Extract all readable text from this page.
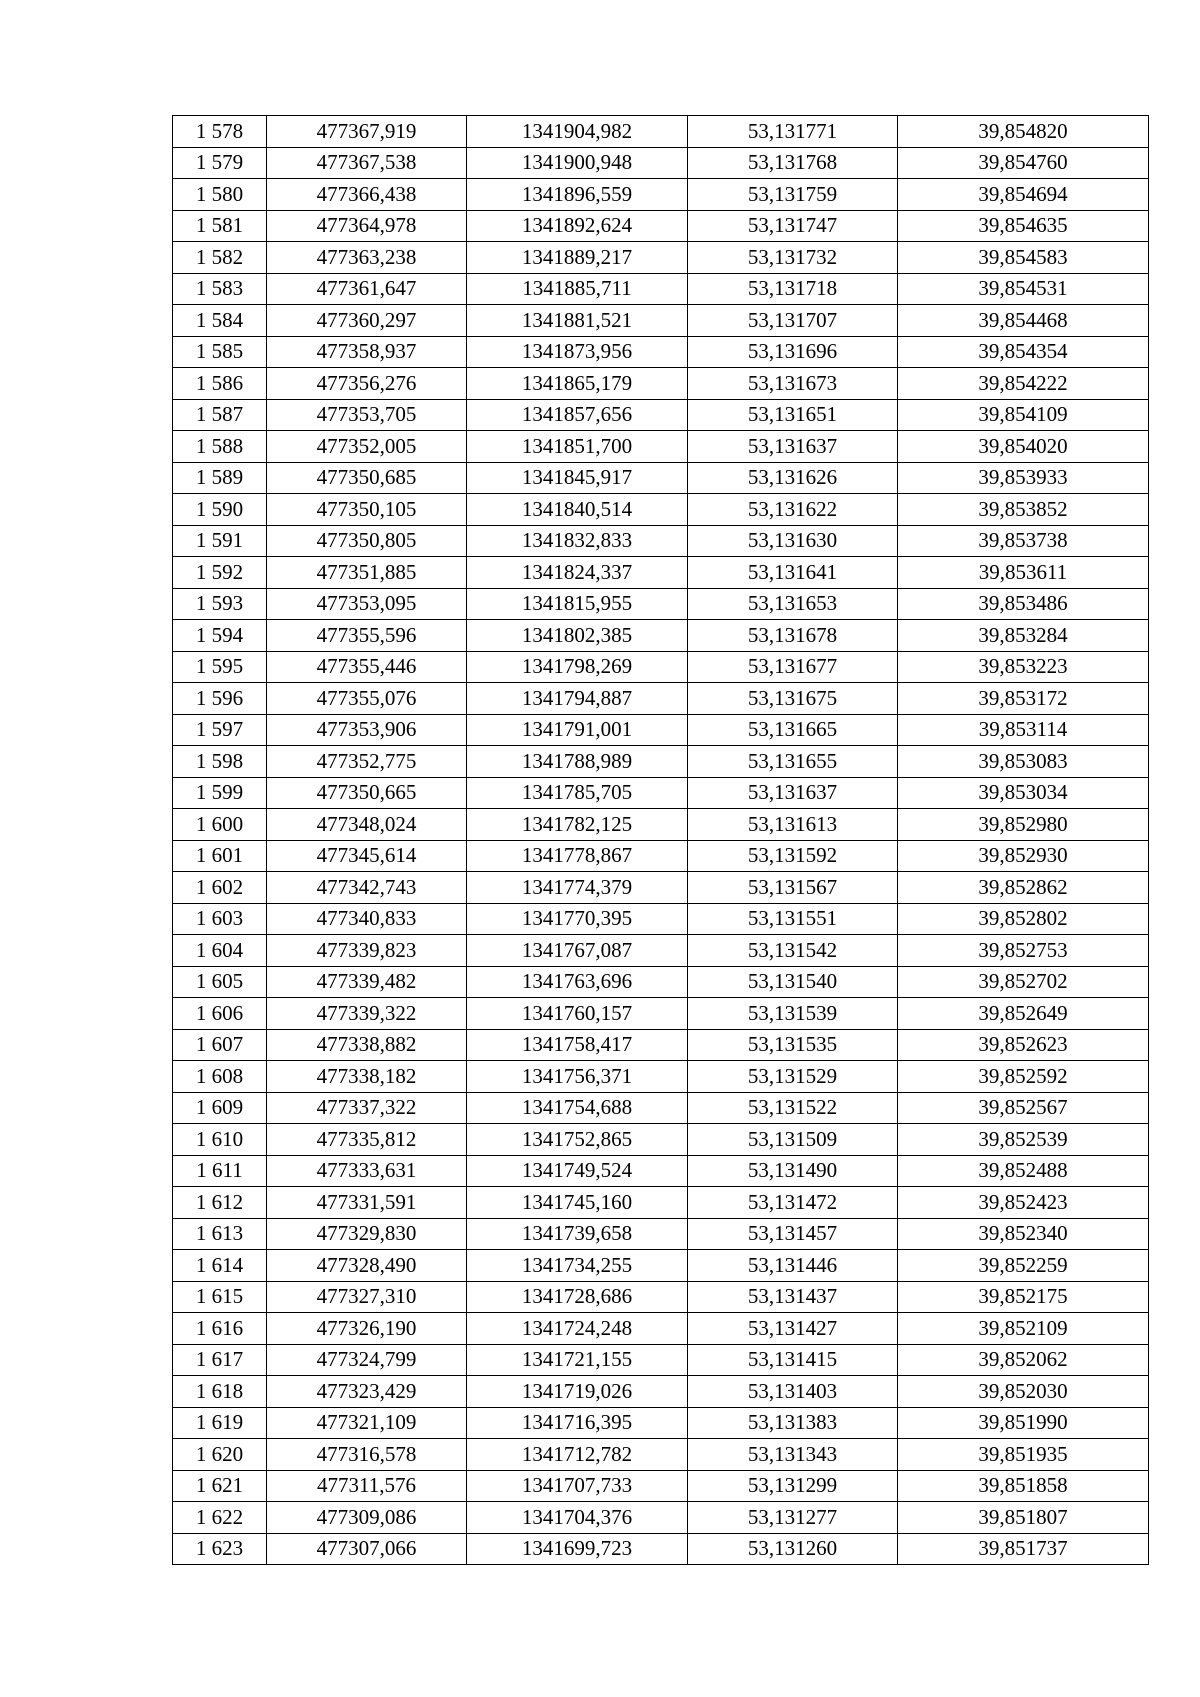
1 578	477367,919	1341904,982	53,131771	39,854820
1 579	477367,538	1341900,948	53,131768	39,854760
1 580	477366,438	1341896,559	53,131759	39,854694
1 581	477364,978	1341892,624	53,131747	39,854635
1 582	477363,238	1341889,217	53,131732	39,854583
1 583	477361,647	1341885,711	53,131718	39,854531
1 584	477360,297	1341881,521	53,131707	39,854468
1 585	477358,937	1341873,956	53,131696	39,854354
1 586	477356,276	1341865,179	53,131673	39,854222
1 587	477353,705	1341857,656	53,131651	39,854109
1 588	477352,005	1341851,700	53,131637	39,854020
1 589	477350,685	1341845,917	53,131626	39,853933
1 590	477350,105	1341840,514	53,131622	39,853852
1 591	477350,805	1341832,833	53,131630	39,853738
1 592	477351,885	1341824,337	53,131641	39,853611
1 593	477353,095	1341815,955	53,131653	39,853486
1 594	477355,596	1341802,385	53,131678	39,853284
1 595	477355,446	1341798,269	53,131677	39,853223
1 596	477355,076	1341794,887	53,131675	39,853172
1 597	477353,906	1341791,001	53,131665	39,853114
1 598	477352,775	1341788,989	53,131655	39,853083
1 599	477350,665	1341785,705	53,131637	39,853034
1 600	477348,024	1341782,125	53,131613	39,852980
1 601	477345,614	1341778,867	53,131592	39,852930
1 602	477342,743	1341774,379	53,131567	39,852862
1 603	477340,833	1341770,395	53,131551	39,852802
1 604	477339,823	1341767,087	53,131542	39,852753
1 605	477339,482	1341763,696	53,131540	39,852702
1 606	477339,322	1341760,157	53,131539	39,852649
1 607	477338,882	1341758,417	53,131535	39,852623
1 608	477338,182	1341756,371	53,131529	39,852592
1 609	477337,322	1341754,688	53,131522	39,852567
1 610	477335,812	1341752,865	53,131509	39,852539
1 611	477333,631	1341749,524	53,131490	39,852488
1 612	477331,591	1341745,160	53,131472	39,852423
1 613	477329,830	1341739,658	53,131457	39,852340
1 614	477328,490	1341734,255	53,131446	39,852259
1 615	477327,310	1341728,686	53,131437	39,852175
1 616	477326,190	1341724,248	53,131427	39,852109
1 617	477324,799	1341721,155	53,131415	39,852062
1 618	477323,429	1341719,026	53,131403	39,852030
1 619	477321,109	1341716,395	53,131383	39,851990
1 620	477316,578	1341712,782	53,131343	39,851935
1 621	477311,576	1341707,733	53,131299	39,851858
1 622	477309,086	1341704,376	53,131277	39,851807
1 623	477307,066	1341699,723	53,131260	39,851737
